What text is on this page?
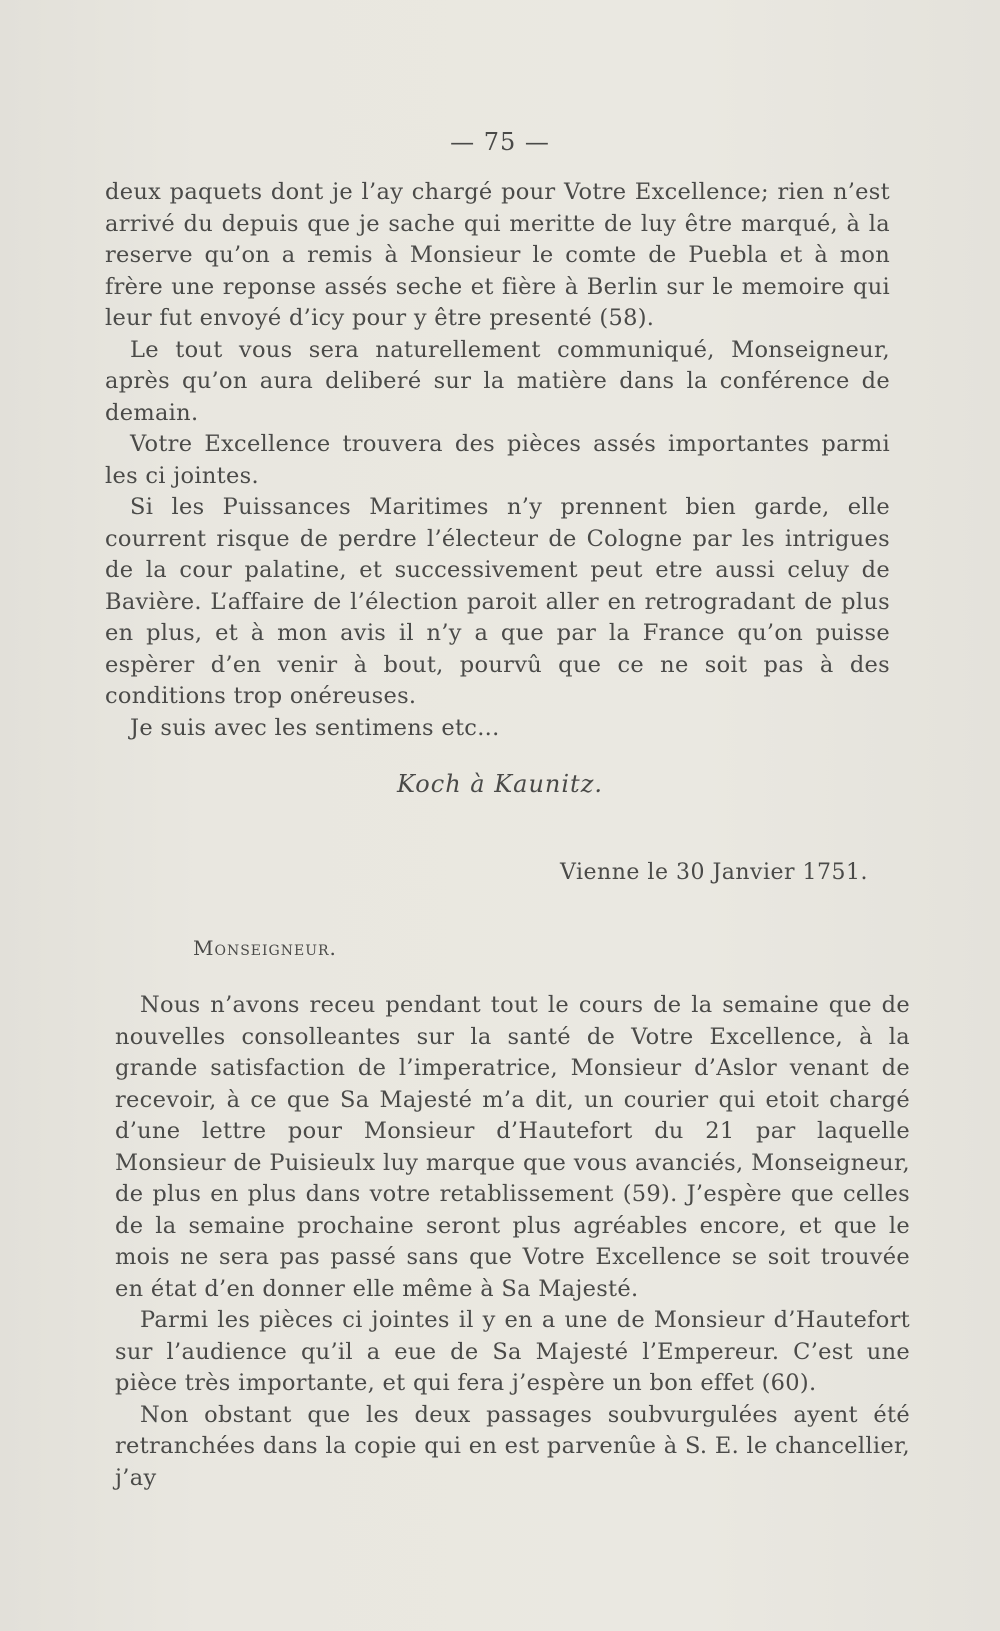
— 75 —

deux paquets dont je l’ay chargé pour Votre Excellence; rien n’est arrivé du depuis que je sache qui meritte de luy être marqué, à la reserve qu’on a remis à Monsieur le comte de Puebla et à mon frère une reponse assés seche et fière à Berlin sur le memoire qui leur fut envoyé d’icy pour y être presenté (58).

Le tout vous sera naturellement communiqué, Monseigneur, après qu’on aura deliberé sur la matière dans la conférence de demain.

Votre Excellence trouvera des pièces assés importantes parmi les ci jointes.

Si les Puissances Maritimes n’y prennent bien garde, elle courrent risque de perdre l’électeur de Cologne par les intrigues de la cour palatine, et successivement peut etre aussi celuy de Bavière. L’affaire de l’élection paroit aller en retrogradant de plus en plus, et à mon avis il n’y a que par la France qu’on puisse espèrer d’en venir à bout, pourvû que ce ne soit pas à des conditions trop onéreuses.

Je suis avec les sentimens etc...

Koch à Kaunitz.
Vienne le 30 Janvier 1751.
Monseigneur.

Nous n’avons receu pendant tout le cours de la semaine que de nouvelles consolleantes sur la santé de Votre Excellence, à la grande satisfaction de l’imperatrice, Monsieur d’Aslor venant de recevoir, à ce que Sa Majesté m’a dit, un courier qui etoit chargé d’une lettre pour Monsieur d’Hautefort du 21 par laquelle Monsieur de Puisieulx luy marque que vous avanciés, Monseigneur, de plus en plus dans votre retablissement (59). J’espère que celles de la semaine prochaine seront plus agréables encore, et que le mois ne sera pas passé sans que Votre Excellence se soit trouvée en état d’en donner elle même à Sa Majesté.

Parmi les pièces ci jointes il y en a une de Monsieur d’Hautefort sur l’audience qu’il a eue de Sa Majesté l’Empereur. C’est une pièce très importante, et qui fera j’espère un bon effet (60).

Non obstant que les deux passages soubvurgulées ayent été retranchées dans la copie qui en est parvenûe à S. E. le chancellier, j’ay
